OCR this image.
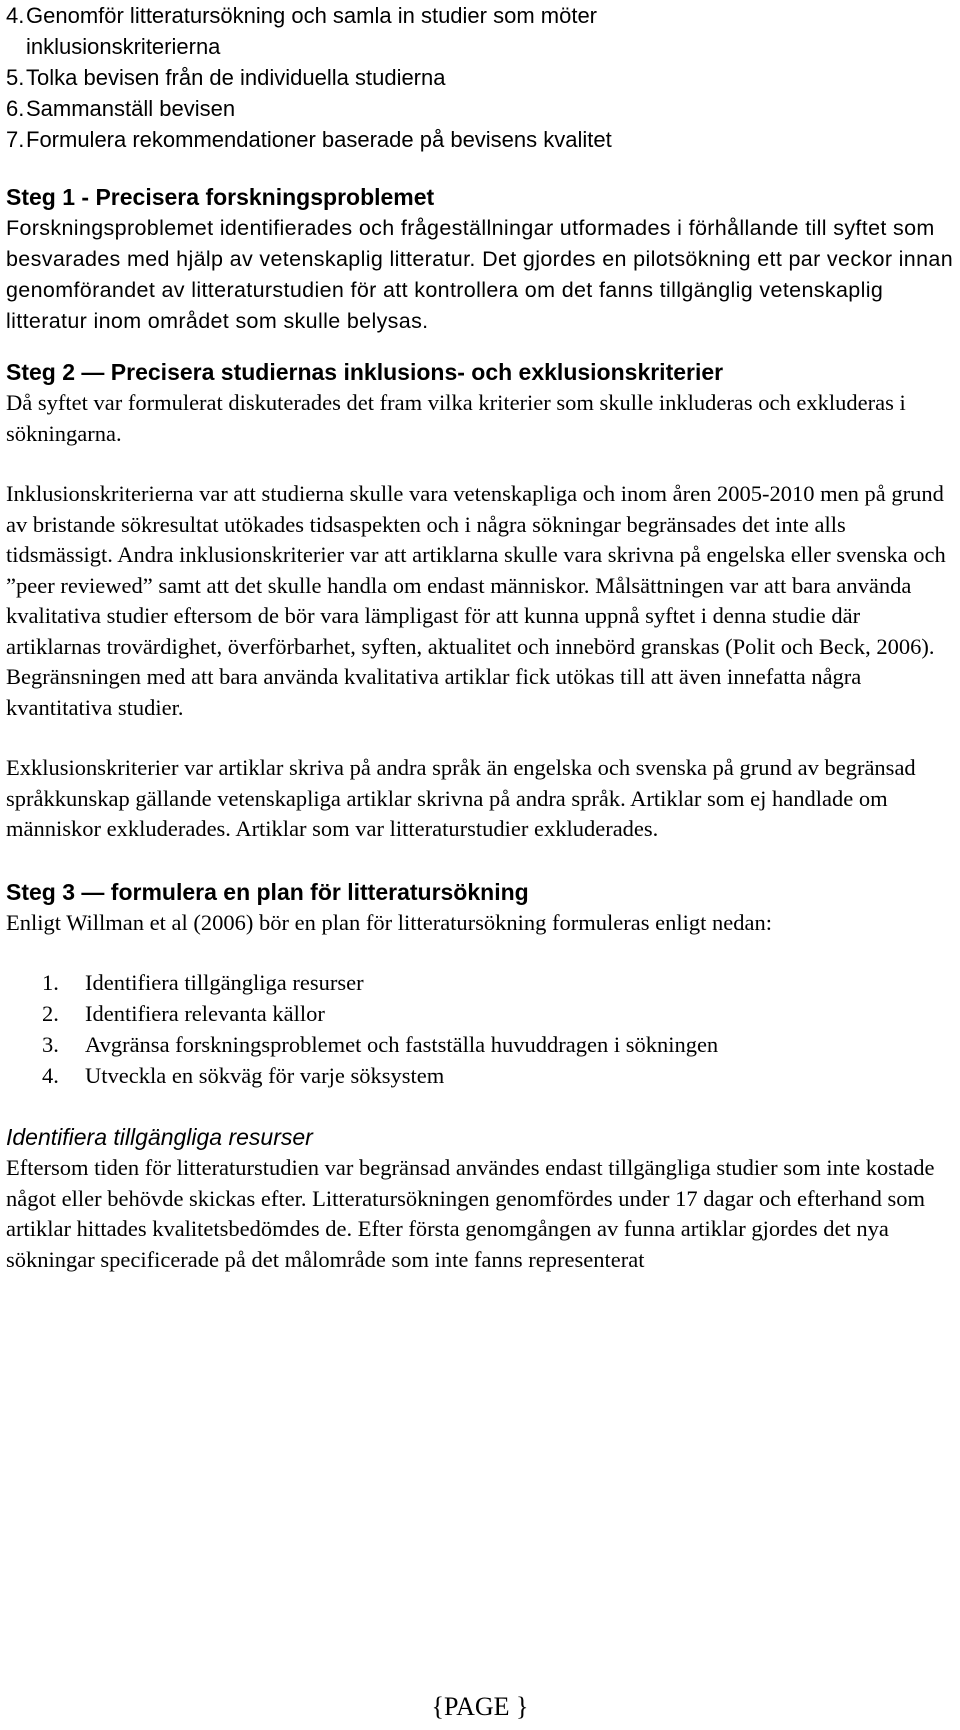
4. Genomför litteratursökning och samla in studier som möter inklusionskriterierna
5. Tolka bevisen från de individuella studierna
6. Sammanställ bevisen
7. Formulera rekommendationer baserade på bevisens kvalitet
Steg 1 - Precisera forskningsproblemet

Forskningsproblemet identifierades och frågeställningar utformades i förhållande till syftet som besvarades med hjälp av vetenskaplig litteratur. Det gjordes en pilotsökning ett par veckor innan genomförandet av litteraturstudien för att kontrollera om det fanns tillgänglig vetenskaplig litteratur inom området som skulle belysas.

Steg 2 — Precisera studiernas inklusions- och exklusionskriterier

Då syftet var formulerat diskuterades det fram vilka kriterier som skulle inkluderas och exkluderas i sökningarna.

Inklusionskriterierna var att studierna skulle vara vetenskapliga och inom åren 2005-2010 men på grund av bristande sökresultat utökades tidsaspekten och i några sökningar begränsades det inte alls tidsmässigt. Andra inklusionskriterier var att artiklarna skulle vara skrivna på engelska eller svenska och ”peer reviewed” samt att det skulle handla om endast människor. Målsättningen var att bara använda kvalitativa studier eftersom de bör vara lämpligast för att kunna uppnå syftet i denna studie där artiklarnas trovärdighet, överförbarhet, syften, aktualitet och innebörd granskas (Polit och Beck, 2006). Begränsningen med att bara använda kvalitativa artiklar fick utökas till att även innefatta några kvantitativa studier.

Exklusionskriterier var artiklar skriva på andra språk än engelska och svenska på grund av begränsad språkkunskap gällande vetenskapliga artiklar skrivna på andra språk. Artiklar som ej handlade om människor exkluderades. Artiklar som var litteraturstudier exkluderades.

Steg 3 — formulera en plan för litteratursökning

Enligt Willman et al (2006) bör en plan för litteratursökning formuleras enligt nedan:

1.	Identifiera tillgängliga resurser
2.	Identifiera relevanta källor
3.	Avgränsa forskningsproblemet och fastställa huvuddragen i sökningen
4.	Utveckla en sökväg för varje söksystem
Identifiera tillgängliga resurser

Eftersom tiden för litteraturstudien var begränsad användes endast tillgängliga studier som inte kostade något eller behövde skickas efter. Litteratursökningen genomfördes under 17 dagar och efterhand som artiklar hittades kvalitetsbedömdes de. Efter första genomgången av funna artiklar gjordes det nya sökningar specificerade på det målområde som inte fanns representerat

{PAGE }
